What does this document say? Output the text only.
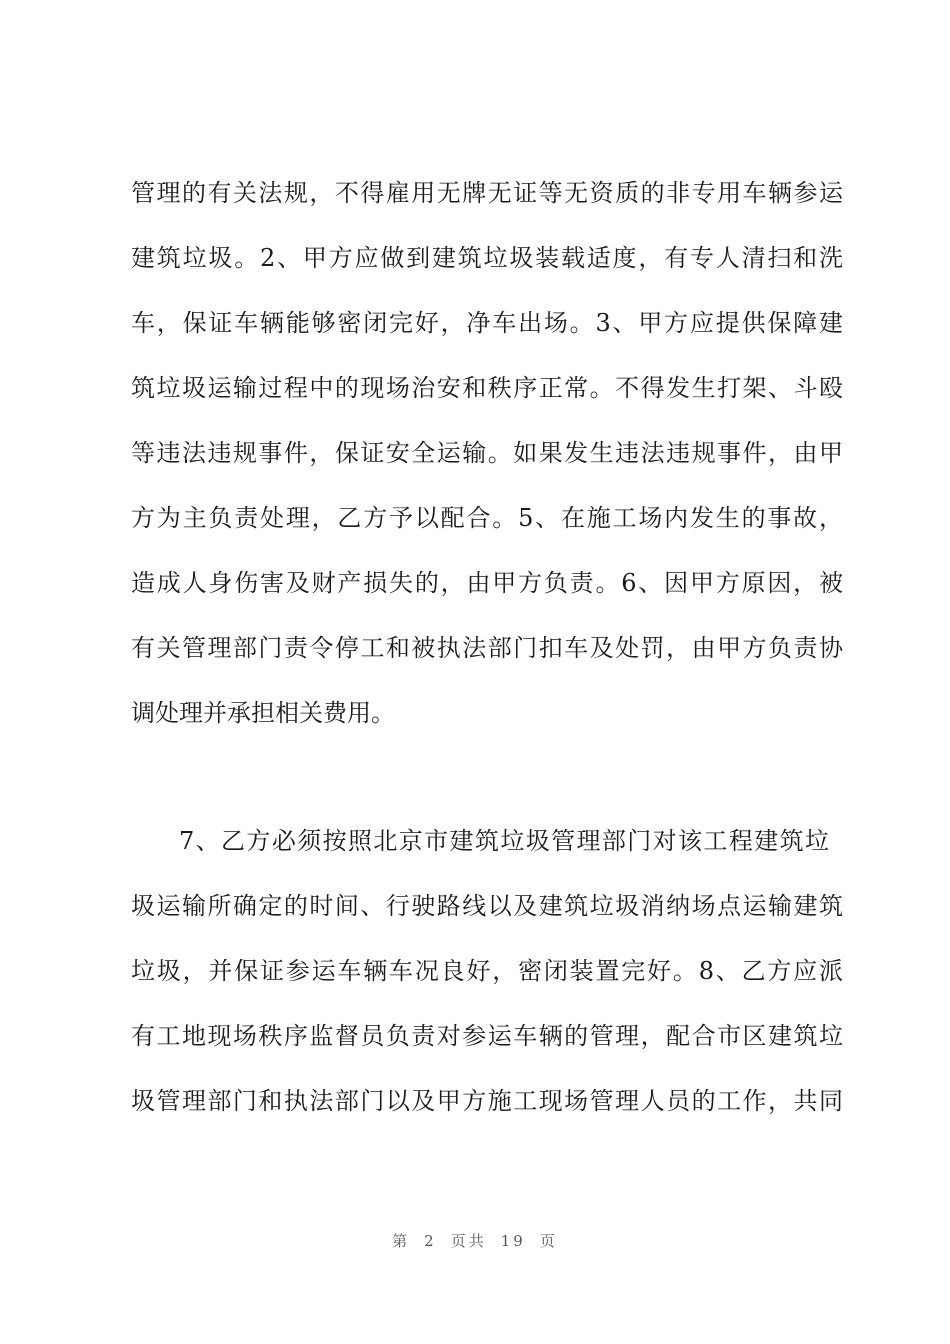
管理的有关法规，不得雇用无牌无证等无资质的非专用车辆参运
建筑垃圾。2、甲方应做到建筑垃圾装载适度，有专人清扫和洗
车，保证车辆能够密闭完好，净车出场。3、甲方应提供保障建
筑垃圾运输过程中的现场治安和秩序正常。不得发生打架、斗殴
等违法违规事件，保证安全运输。如果发生违法违规事件，由甲
方为主负责处理，乙方予以配合。5、在施工场内发生的事故，
造成人身伤害及财产损失的，由甲方负责。6、因甲方原因，被
有关管理部门责令停工和被执法部门扣车及处罚，由甲方负责协
调处理并承担相关费用。
7、乙方必须按照北京市建筑垃圾管理部门对该工程建筑垃
圾运输所确定的时间、行驶路线以及建筑垃圾消纳场点运输建筑
垃圾，并保证参运车辆车况良好，密闭装置完好。8、乙方应派
有工地现场秩序监督员负责对参运车辆的管理，配合市区建筑垃
圾管理部门和执法部门以及甲方施工现场管理人员的工作，共同
第 2 页共 19 页
